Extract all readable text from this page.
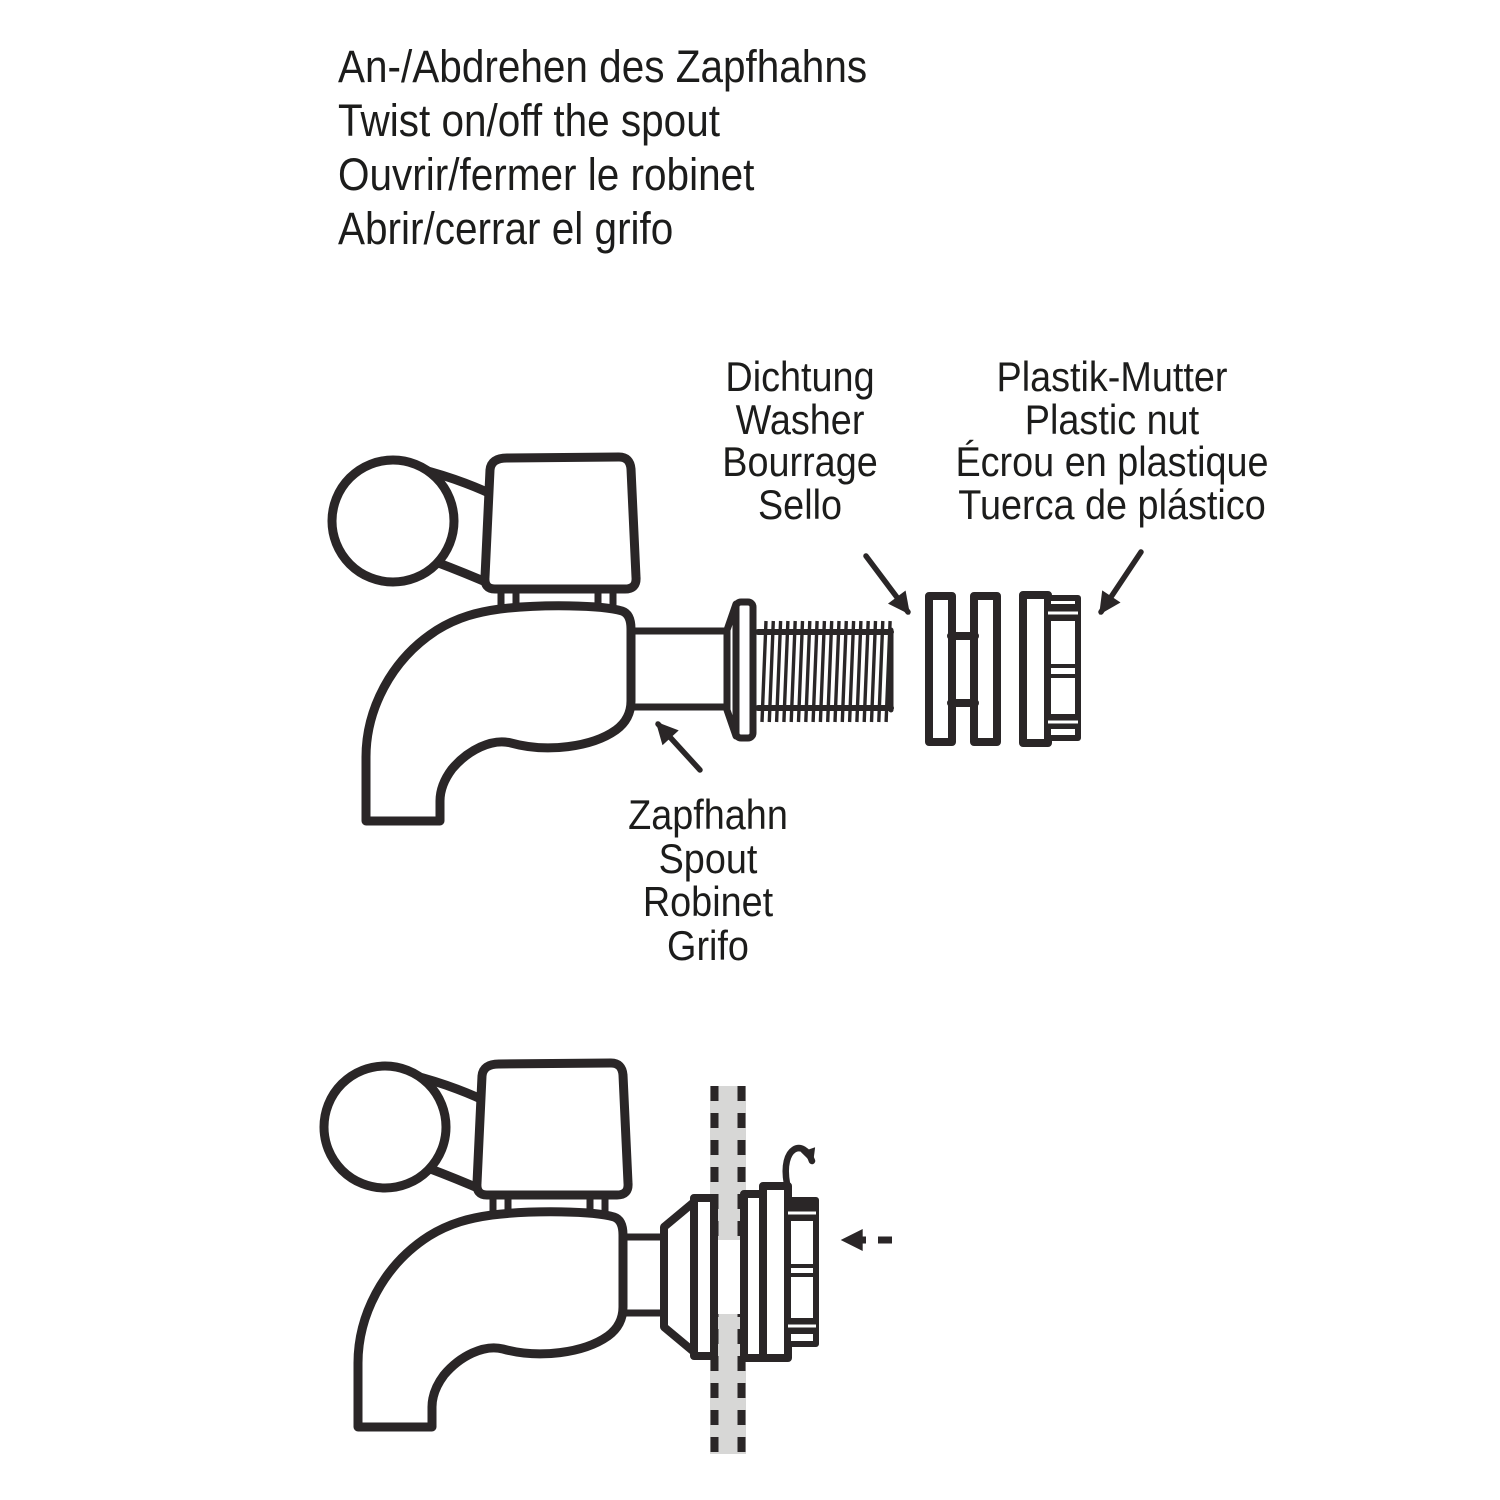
An-/Abdrehen des Zapfhahns
Twist on/off the spout
Ouvrir/fermer le robinet
Abrir/cerrar el grifo
Dichtung
Washer
Bourrage
Sello
Plastik-Mutter
Plastic nut
Écrou en plastique
Tuerca de plástico
Zapfhahn
Spout
Robinet
Grifo
